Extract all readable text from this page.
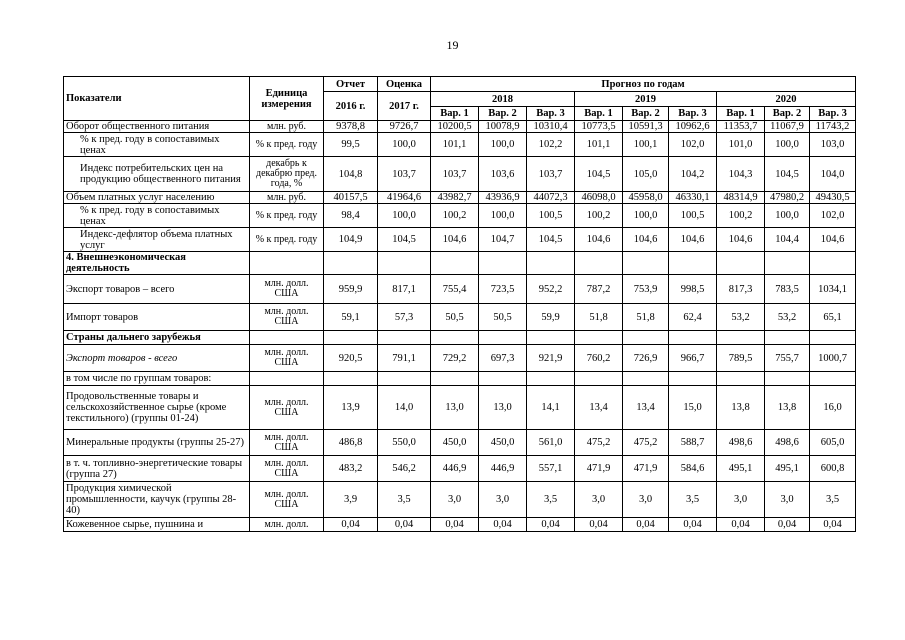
19
Показатели	Единица измерения	Отчет	Оценка	Прогноз по годам								
		2016 г.	2017 г.	2018			2019			2020		
				Вар. 1	Вар. 2	Вар. 3	Вар. 1	Вар. 2	Вар. 3	Вар. 1	Вар. 2	Вар. 3
Оборот общественного питания	млн. руб.	9378,8	9726,7	10200,5	10078,9	10310,4	10773,5	10591,3	10962,6	11353,7	11067,9	11743,2
% к пред. году в сопоставимых ценах	% к пред. году	99,5	100,0	101,1	100,0	102,2	101,1	100,1	102,0	101,0	100,0	103,0
Индекс потребительских цен на продукцию общественного питания	декабрь к декабрю пред. года, %	104,8	103,7	103,7	103,6	103,7	104,5	105,0	104,2	104,3	104,5	104,0
Объем платных услуг населению	млн. руб.	40157,5	41964,6	43982,7	43936,9	44072,3	46098,0	45958,0	46330,1	48314,9	47980,2	49430,5
% к пред. году в сопоставимых ценах	% к пред. году	98,4	100,0	100,2	100,0	100,5	100,2	100,0	100,5	100,2	100,0	102,0
Индекс-дефлятор объема платных услуг	% к пред. году	104,9	104,5	104,6	104,7	104,5	104,6	104,6	104,6	104,6	104,4	104,6
4. Внешнеэкономическая деятельность												
Экспорт товаров – всего	млн. долл. США	959,9	817,1	755,4	723,5	952,2	787,2	753,9	998,5	817,3	783,5	1034,1
Импорт товаров	млн. долл. США	59,1	57,3	50,5	50,5	59,9	51,8	51,8	62,4	53,2	53,2	65,1
Страны дальнего зарубежья												
Экспорт товаров - всего	млн. долл. США	920,5	791,1	729,2	697,3	921,9	760,2	726,9	966,7	789,5	755,7	1000,7
в том числе по группам товаров:												
Продовольственные товары и сельскохозяйственное сырье (кроме текстильного) (группы 01-24)	млн. долл. США	13,9	14,0	13,0	13,0	14,1	13,4	13,4	15,0	13,8	13,8	16,0
Минеральные продукты (группы 25-27)	млн. долл. США	486,8	550,0	450,0	450,0	561,0	475,2	475,2	588,7	498,6	498,6	605,0
в т. ч. топливно-энергетические товары (группа 27)	млн. долл. США	483,2	546,2	446,9	446,9	557,1	471,9	471,9	584,6	495,1	495,1	600,8
Продукция химической промышленности, каучук (группы 28-40)	млн. долл. США	3,9	3,5	3,0	3,0	3,5	3,0	3,0	3,5	3,0	3,0	3,5
Кожевенное сырье, пушнина и	млн. долл.	0,04	0,04	0,04	0,04	0,04	0,04	0,04	0,04	0,04	0,04	0,04
